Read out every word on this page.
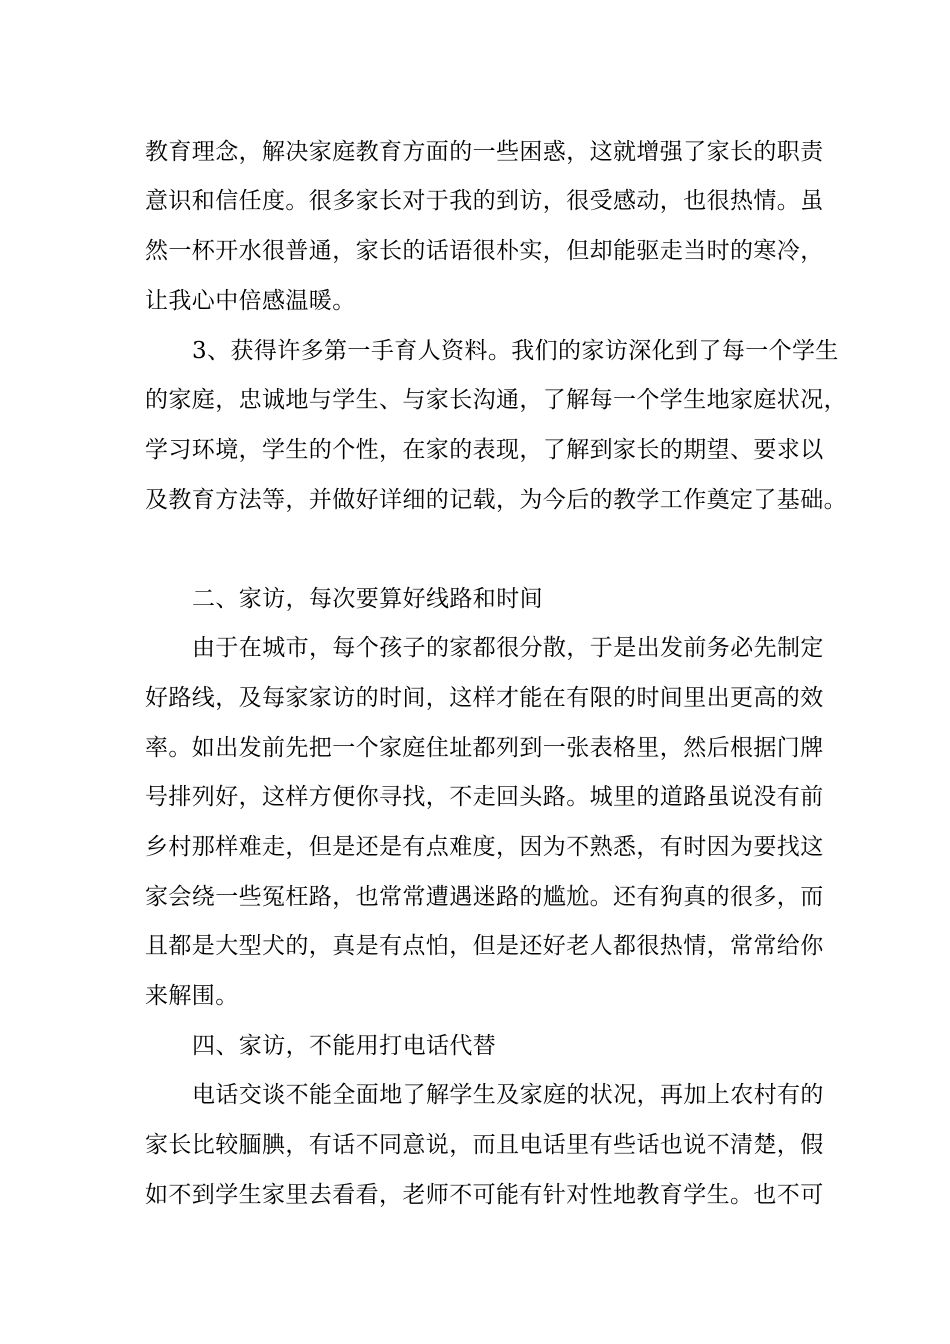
教育理念，解决家庭教育方面的一些困惑，这就增强了家长的职责
意识和信任度。很多家长对于我的到访，很受感动，也很热情。虽
然一杯开水很普通，家长的话语很朴实，但却能驱走当时的寒冷，
让我心中倍感温暖。
3、获得许多第一手育人资料。我们的家访深化到了每一个学生
的家庭，忠诚地与学生、与家长沟通，了解每一个学生地家庭状况，
学习环境，学生的个性，在家的表现，了解到家长的期望、要求以
及教育方法等，并做好详细的记载，为今后的教学工作奠定了基础。
二、家访，每次要算好线路和时间
由于在城市，每个孩子的家都很分散，于是出发前务必先制定
好路线，及每家家访的时间，这样才能在有限的时间里出更高的效
率。如出发前先把一个家庭住址都列到一张表格里，然后根据门牌
号排列好，这样方便你寻找，不走回头路。城里的道路虽说没有前
乡村那样难走，但是还是有点难度，因为不熟悉，有时因为要找这
家会绕一些冤枉路，也常常遭遇迷路的尴尬。还有狗真的很多，而
且都是大型犬的，真是有点怕，但是还好老人都很热情，常常给你
来解围。
四、家访，不能用打电话代替
电话交谈不能全面地了解学生及家庭的状况，再加上农村有的
家长比较腼腆，有话不同意说，而且电话里有些话也说不清楚，假
如不到学生家里去看看，老师不可能有针对性地教育学生。也不可
